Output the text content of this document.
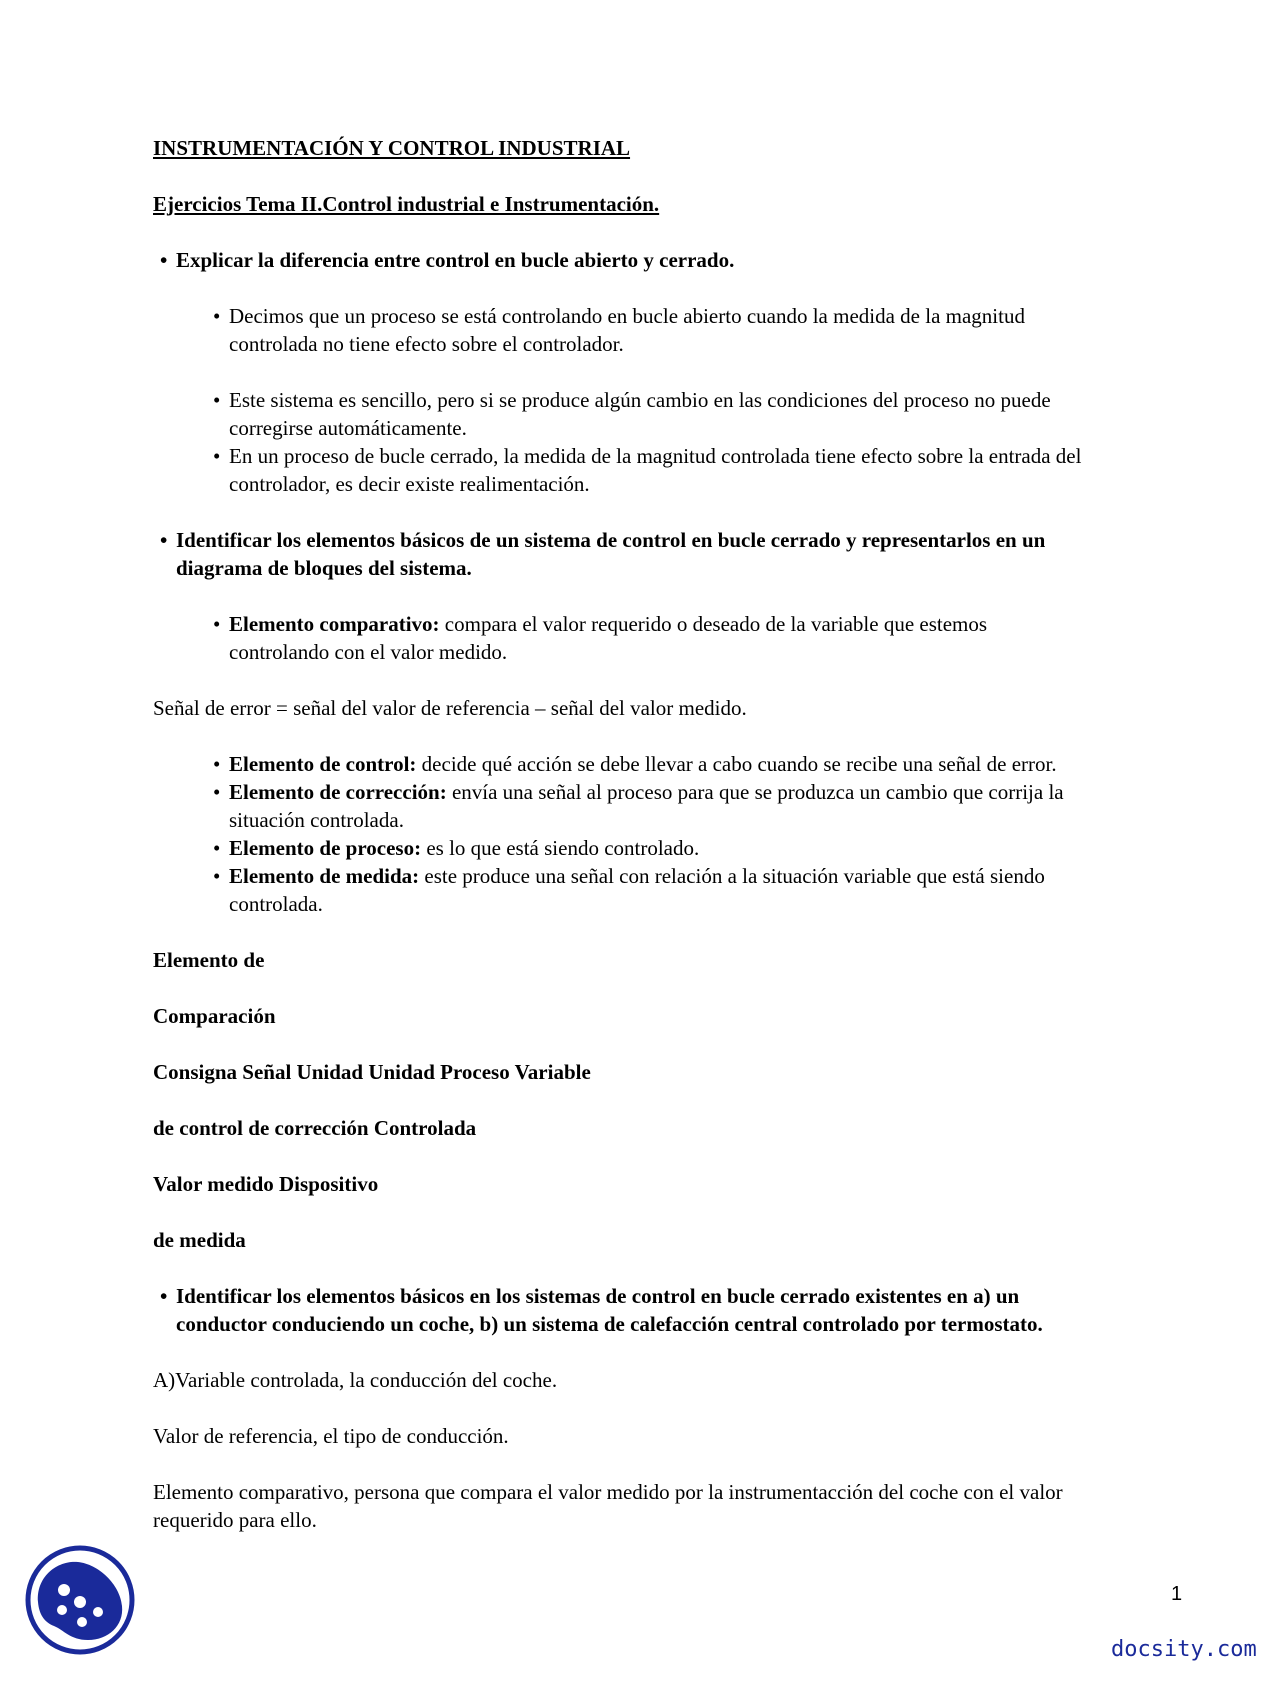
INSTRUMENTACIÓN Y CONTROL INDUSTRIAL
Ejercicios Tema II.Control industrial e Instrumentación.
• Explicar la diferencia entre control en bucle abierto y cerrado.
• Decimos que un proceso se está controlando en bucle abierto cuando la medida de la magnitud
controlada no tiene efecto sobre el controlador.
• Este sistema es sencillo, pero si se produce algún cambio en las condiciones del proceso no puede
corregirse automáticamente.
• En un proceso de bucle cerrado, la medida de la magnitud controlada tiene efecto sobre la entrada del
controlador, es decir existe realimentación.
• Identificar los elementos básicos de un sistema de control en bucle cerrado y representarlos en un
diagrama de bloques del sistema.
• Elemento comparativo: compara el valor requerido o deseado de la variable que estemos
controlando con el valor medido.
Señal de error = señal del valor de referencia – señal del valor medido.
• Elemento de control: decide qué acción se debe llevar a cabo cuando se recibe una señal de error.
• Elemento de corrección: envía una señal al proceso para que se produzca un cambio que corrija la
situación controlada.
• Elemento de proceso: es lo que está siendo controlado.
• Elemento de medida: este produce una señal con relación a la situación variable que está siendo
controlada.
Elemento de
Comparación
Consigna Señal Unidad Unidad Proceso Variable
de control de corrección Controlada
Valor medido Dispositivo
de medida
• Identificar los elementos básicos en los sistemas de control en bucle cerrado existentes en a) un
conductor conduciendo un coche, b) un sistema de calefacción central controlado por termostato.
A)Variable controlada, la conducción del coche.
Valor de referencia, el tipo de conducción.
Elemento comparativo, persona que compara el valor medido por la instrumentacción del coche con el valor
requerido para ello.
1
docsity.com
